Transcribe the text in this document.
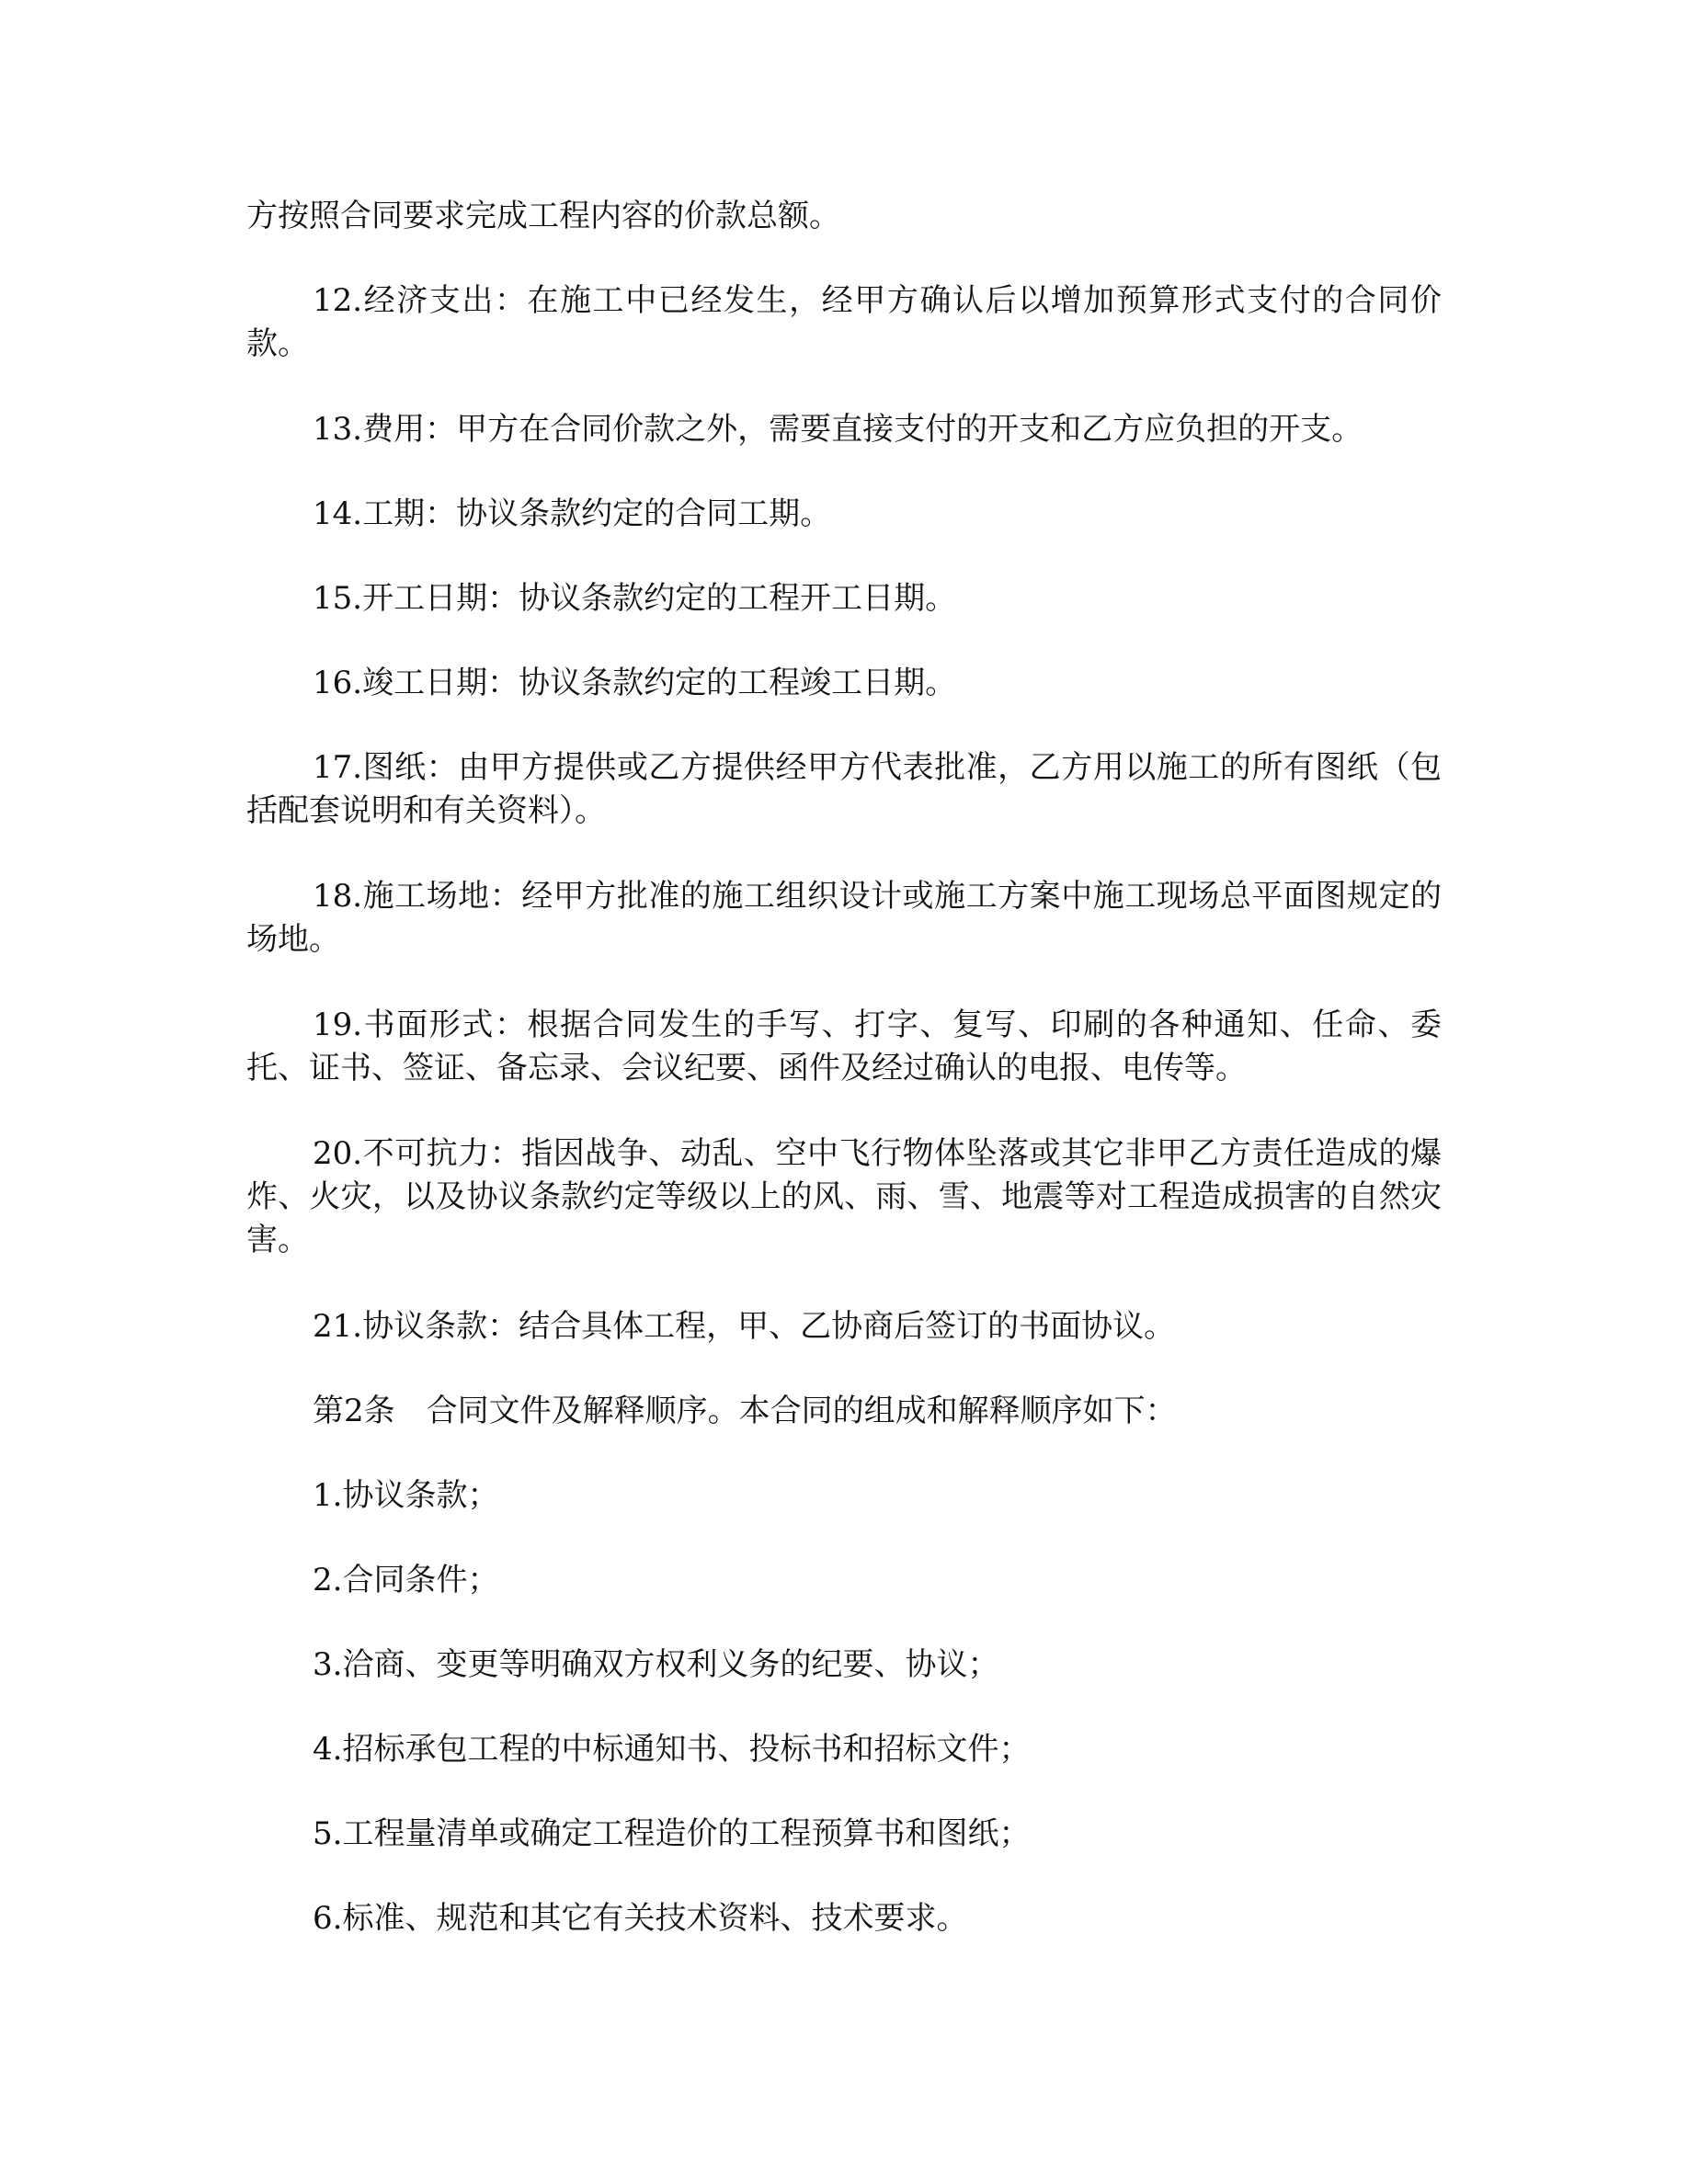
方按照合同要求完成工程内容的价款总额。

12.经济支出：在施工中已经发生，经甲方确认后以增加预算形式支付的合同价款。

13.费用：甲方在合同价款之外，需要直接支付的开支和乙方应负担的开支。

14.工期：协议条款约定的合同工期。

15.开工日期：协议条款约定的工程开工日期。

16.竣工日期：协议条款约定的工程竣工日期。

17.图纸：由甲方提供或乙方提供经甲方代表批准，乙方用以施工的所有图纸（包括配套说明和有关资料）。

18.施工场地：经甲方批准的施工组织设计或施工方案中施工现场总平面图规定的场地。

19.书面形式：根据合同发生的手写、打字、复写、印刷的各种通知、任命、委托、证书、签证、备忘录、会议纪要、函件及经过确认的电报、电传等。

20.不可抗力：指因战争、动乱、空中飞行物体坠落或其它非甲乙方责任造成的爆炸、火灾，以及协议条款约定等级以上的风、雨、雪、地震等对工程造成损害的自然灾害。

21.协议条款：结合具体工程，甲、乙协商后签订的书面协议。

第2条　合同文件及解释顺序。本合同的组成和解释顺序如下：

1.协议条款；

2.合同条件；

3.洽商、变更等明确双方权利义务的纪要、协议；

4.招标承包工程的中标通知书、投标书和招标文件；

5.工程量清单或确定工程造价的工程预算书和图纸；

6.标准、规范和其它有关技术资料、技术要求。
